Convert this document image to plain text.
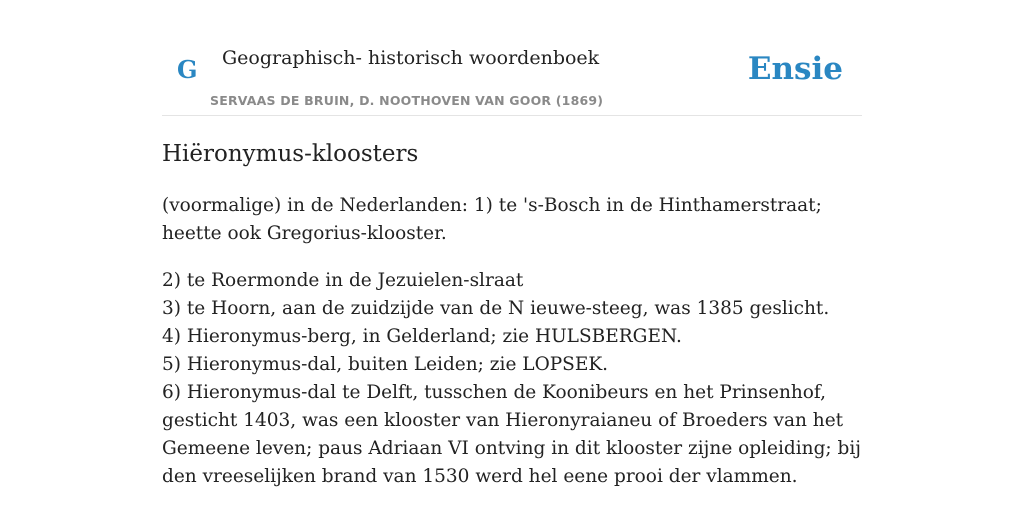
G Geographisch- historisch woordenboek
SERVAAS DE BRUIN, D. NOOTHOVEN VAN GOOR (1869)
Ensie
Hiëronymus-kloosters

(voormalige) in de Nederlanden: 1) te 's-Bosch in de Hinthamerstraat; heette ook Gregorius-klooster.

2) te Roermonde in de Jezuielen-slraat
3) te Hoorn, aan de zuidzijde van de N ieuwe-steeg, was 1385 geslicht.
4) Hieronymus-berg, in Gelderland; zie HULSBERGEN.
5) Hieronymus-dal, buiten Leiden; zie LOPSEK.
6) Hieronymus-dal te Delft, tusschen de Koonibeurs en het Prinsenhof, gesticht 1403, was een klooster van Hieronyraianeu of Broeders van het Gemeene leven; paus Adriaan VI ontving in dit klooster zijne opleiding; bij den vreeselijken brand van 1530 werd hel eene prooi der vlammen.
